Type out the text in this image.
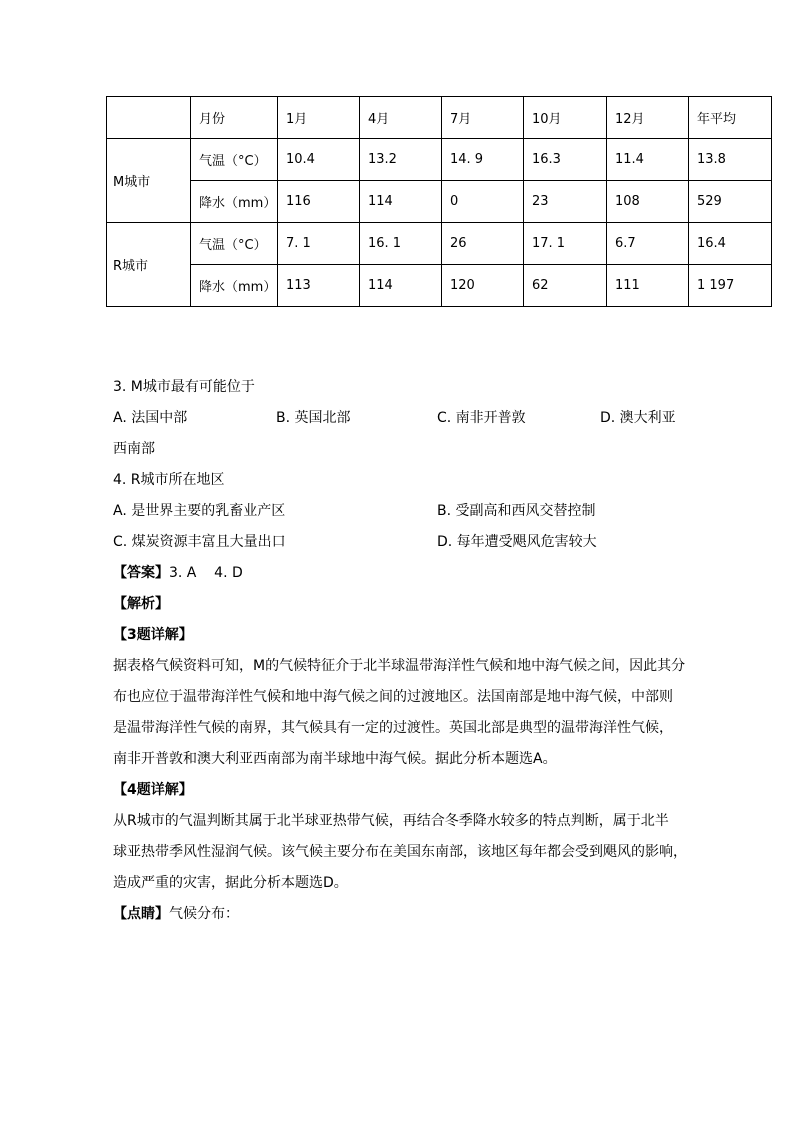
	月份	1月	4月	7月	10月	12月	年平均
M城市	气温（°C）	10.4	13.2	14. 9	16.3	11.4	13.8
	降水（mm）	116	114	0	23	108	529
R城市	气温（°C）	7. 1	16. 1	26	17. 1	6.7	16.4
	降水（mm）	113	114	120	62	111	1 197
3. M城市最有可能位于
A. 法国中部	B. 英国北部	C. 南非开普敦	D. 澳大利亚
西南部
4. R城市所在地区
A. 是世界主要的乳畜业产区	B. 受副高和西风交替控制
C. 煤炭资源丰富且大量出口	D. 每年遭受飓风危害较大
【答案】3. A    4. D
【解析】
【3题详解】
据表格气候资料可知，M的气候特征介于北半球温带海洋性气候和地中海气候之间，因此其分
布也应位于温带海洋性气候和地中海气候之间的过渡地区。法国南部是地中海气候，中部则
是温带海洋性气候的南界，其气候具有一定的过渡性。英国北部是典型的温带海洋性气候，
南非开普敦和澳大利亚西南部为南半球地中海气候。据此分析本题选A。
【4题详解】
从R城市的气温判断其属于北半球亚热带气候，再结合冬季降水较多的特点判断，属于北半
球亚热带季风性湿润气候。该气候主要分布在美国东南部，该地区每年都会受到飓风的影响，
造成严重的灾害，据此分析本题选D。
【点睛】气候分布：
